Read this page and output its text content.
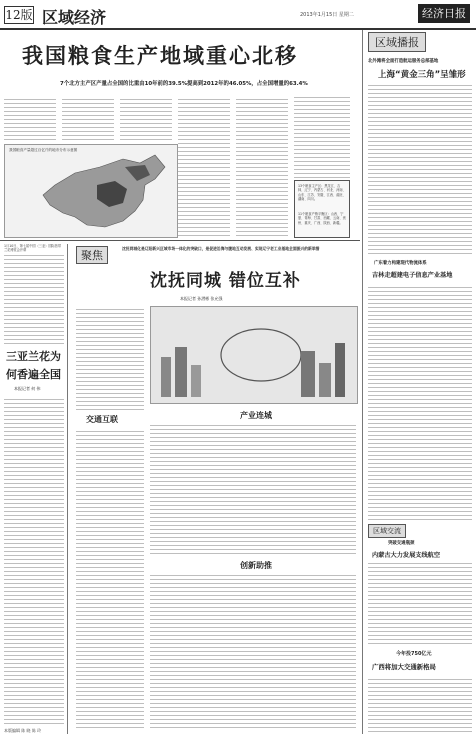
12版 区域经济	2013年1月15日 星期二	经济日报
我国粮食生产地域重心北移
7个北方主产区产量占全国的比重由10年前的39.5%提高到2012年的46.05%，占全国增量的63.4%
我国粮食产量超过百亿斤的地市分布示意图
13个粮食主产区：黑龙江、吉林、辽宁、内蒙古、河北、河南、山东、江苏、安徽、江西、湖北、湖南、四川。
11个粮食产销平衡区：山西、宁夏、青海、甘肃、西藏、云南、贵州、重庆、广西、陕西、新疆。
1月10日，第七届中国（三亚）国际热带兰花博览会开幕
三亚兰花为何香遍全国
本报记者 何 伟
本版编辑 陈 晓 陈 玲
聚焦
沈抚同城化是辽阳新兴区域市场一体化的突破口，是促进沿海与腹地互动发展、实现辽宁老工业基地全面振兴的新举措
沈抚同城 错位互补
本报记者 孙潜彬 张允强
交通互联	产业连城
创新助推
区域播报
北外滩将全面打造航运服务总部基地
上海“黄金三角”呈雏形
广东着力构建现代物流体系
吉林走超建电子信息产业基地
区域交流
突破交通瓶颈
内蒙古大力发展支线航空
今年投750亿元
广西将加大交通新格局
